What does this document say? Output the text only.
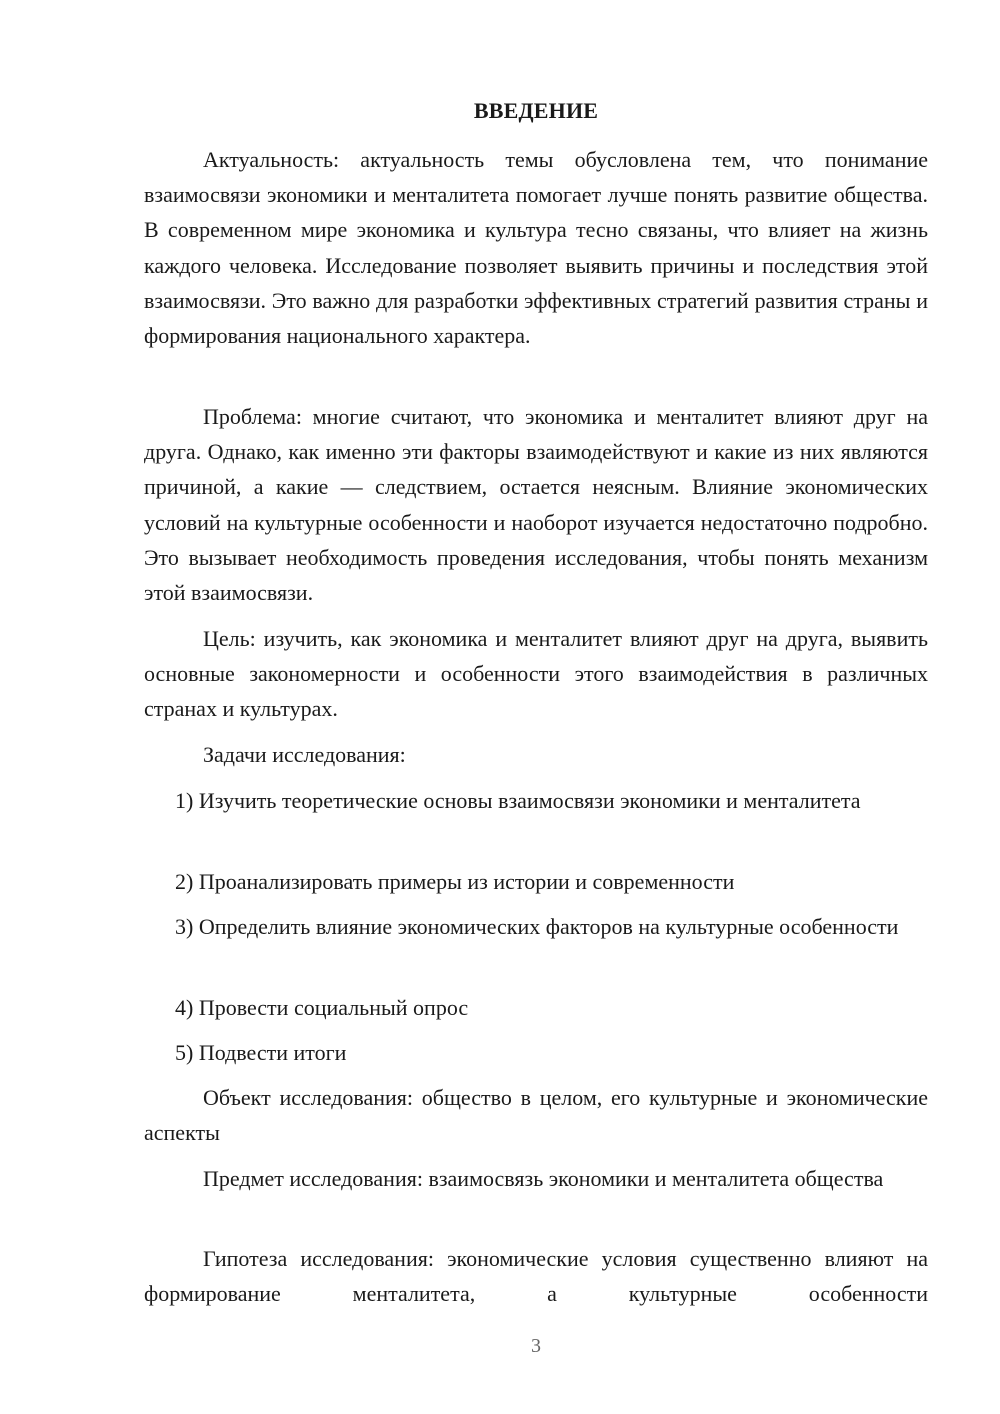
ВВЕДЕНИЕ

Актуальность: актуальность темы обусловлена тем, что понимание взаимосвязи экономики и менталитета помогает лучше понять развитие общества. В современном мире экономика и культура тесно связаны, что влияет на жизнь каждого человека. Исследование позволяет выявить причины и последствия этой взаимосвязи. Это важно для разработки эффективных стратегий развития страны и формирования национального характера.

Проблема: многие считают, что экономика и менталитет влияют друг на друга. Однако, как именно эти факторы взаимодействуют и какие из них являются причиной, а какие — следствием, остается неясным. Влияние экономических условий на культурные особенности и наоборот изучается недостаточно подробно. Это вызывает необходимость проведения исследования, чтобы понять механизм этой взаимосвязи.

Цель: изучить, как экономика и менталитет влияют друг на друга, выявить основные закономерности и особенности этого взаимодействия в различных странах и культурах.

Задачи исследования:

1) Изучить теоретические основы взаимосвязи экономики и менталитета

2) Проанализировать примеры из истории и современности

3) Определить влияние экономических факторов на культурные особенности

4) Провести социальный опрос

5) Подвести итоги

Объект исследования: общество в целом, его культурные и экономические аспекты

Предмет исследования: взаимосвязь экономики и менталитета общества

Гипотеза исследования: экономические условия существенно влияют на формирование менталитета, а культурные особенности

3
